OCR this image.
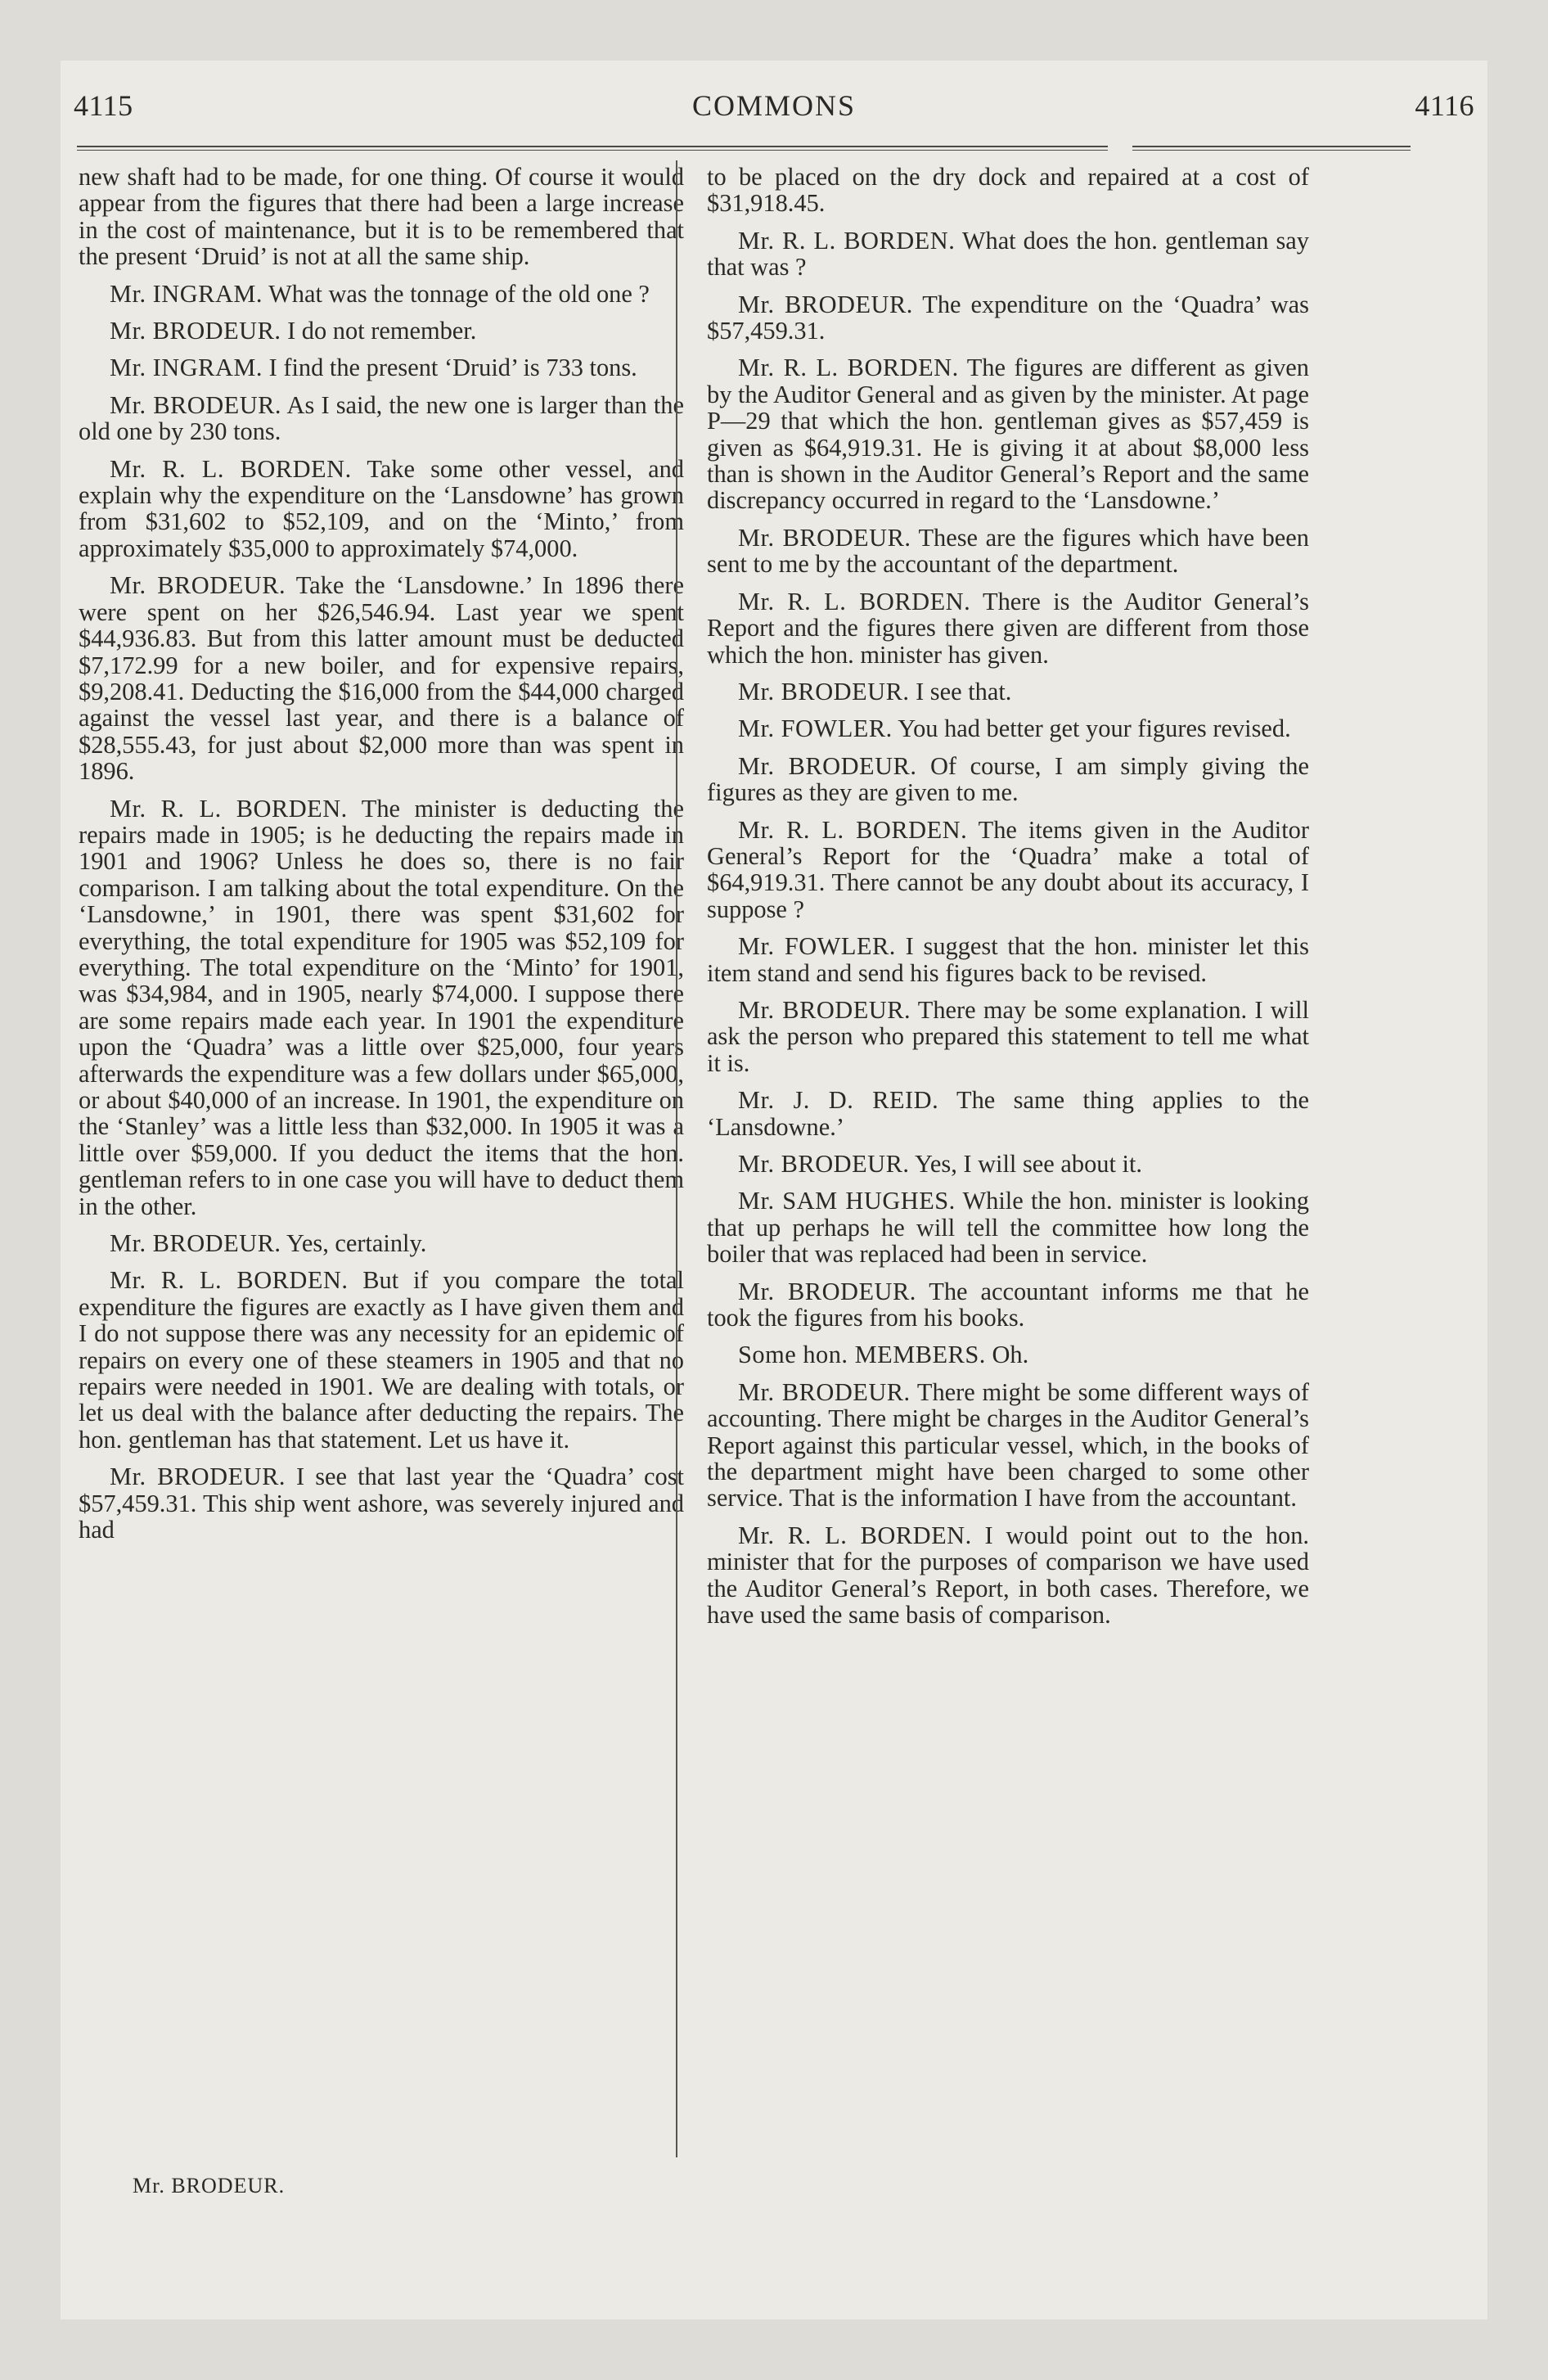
4115	COMMONS	4116

new shaft had to be made, for one thing. Of course it would appear from the figures that there had been a large increase in the cost of maintenance, but it is to be remembered that the present ‘Druid’ is not at all the same ship.

Mr. INGRAM. What was the tonnage of the old one ?

Mr. BRODEUR. I do not remember.

Mr. INGRAM. I find the present ‘Druid’ is 733 tons.

Mr. BRODEUR. As I said, the new one is larger than the old one by 230 tons.

Mr. R. L. BORDEN. Take some other vessel, and explain why the expenditure on the ‘Lansdowne’ has grown from $31,602 to $52,109, and on the ‘Minto,’ from approximately $35,000 to approximately $74,000.

Mr. BRODEUR. Take the ‘Lansdowne.’ In 1896 there were spent on her $26,546.94. Last year we spent $44,936.83. But from this latter amount must be deducted $7,172.99 for a new boiler, and for expensive repairs, $9,208.41. Deducting the $16,000 from the $44,000 charged against the vessel last year, and there is a balance of $28,555.43, for just about $2,000 more than was spent in 1896.

Mr. R. L. BORDEN. The minister is deducting the repairs made in 1905; is he deducting the repairs made in 1901 and 1906? Unless he does so, there is no fair comparison. I am talking about the total expenditure. On the ‘Lansdowne,’ in 1901, there was spent $31,602 for everything, the total expenditure for 1905 was $52,109 for everything. The total expenditure on the ‘Minto’ for 1901, was $34,984, and in 1905, nearly $74,000. I suppose there are some repairs made each year. In 1901 the expenditure upon the ‘Quadra’ was a little over $25,000, four years afterwards the expenditure was a few dollars under $65,000, or about $40,000 of an increase. In 1901, the expenditure on the ‘Stanley’ was a little less than $32,000. In 1905 it was a little over $59,000. If you deduct the items that the hon. gentleman refers to in one case you will have to deduct them in the other.

Mr. BRODEUR. Yes, certainly.

Mr. R. L. BORDEN. But if you compare the total expenditure the figures are exactly as I have given them and I do not suppose there was any necessity for an epidemic of repairs on every one of these steamers in 1905 and that no repairs were needed in 1901. We are dealing with totals, or let us deal with the balance after deducting the repairs. The hon. gentleman has that statement. Let us have it.

Mr. BRODEUR. I see that last year the ‘Quadra’ cost $57,459.31. This ship went ashore, was severely injured and had

to be placed on the dry dock and repaired at a cost of $31,918.45.

Mr. R. L. BORDEN. What does the hon. gentleman say that was ?

Mr. BRODEUR. The expenditure on the ‘Quadra’ was $57,459.31.

Mr. R. L. BORDEN. The figures are different as given by the Auditor General and as given by the minister. At page P—29 that which the hon. gentleman gives as $57,459 is given as $64,919.31. He is giving it at about $8,000 less than is shown in the Auditor General’s Report and the same discrepancy occurred in regard to the ‘Lansdowne.’

Mr. BRODEUR. These are the figures which have been sent to me by the accountant of the department.

Mr. R. L. BORDEN. There is the Auditor General’s Report and the figures there given are different from those which the hon. minister has given.

Mr. BRODEUR. I see that.

Mr. FOWLER. You had better get your figures revised.

Mr. BRODEUR. Of course, I am simply giving the figures as they are given to me.

Mr. R. L. BORDEN. The items given in the Auditor General’s Report for the ‘Quadra’ make a total of $64,919.31. There cannot be any doubt about its accuracy, I suppose ?

Mr. FOWLER. I suggest that the hon. minister let this item stand and send his figures back to be revised.

Mr. BRODEUR. There may be some explanation. I will ask the person who prepared this statement to tell me what it is.

Mr. J. D. REID. The same thing applies to the ‘Lansdowne.’

Mr. BRODEUR. Yes, I will see about it.

Mr. SAM HUGHES. While the hon. minister is looking that up perhaps he will tell the committee how long the boiler that was replaced had been in service.

Mr. BRODEUR. The accountant informs me that he took the figures from his books.

Some hon. MEMBERS. Oh.

Mr. BRODEUR. There might be some different ways of accounting. There might be charges in the Auditor General’s Report against this particular vessel, which, in the books of the department might have been charged to some other service. That is the information I have from the accountant.

Mr. R. L. BORDEN. I would point out to the hon. minister that for the purposes of comparison we have used the Auditor General’s Report, in both cases. Therefore, we have used the same basis of comparison.

Mr. BRODEUR.
